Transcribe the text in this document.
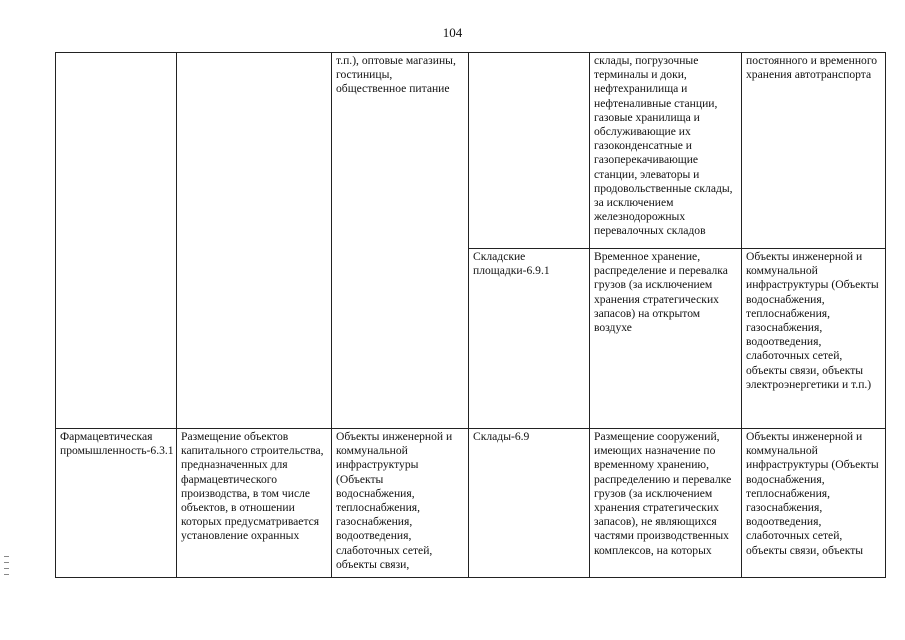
104
		т.п.), оптовые магазины, гостиницы, общественное питание		склады, погрузочные терминалы и доки, нефтехранилища и нефтеналивные станции, газовые хранилища и обслуживающие их газоконденсатные и газоперекачивающие станции, элеваторы и продовольственные склады, за исключением железнодорожных перевалочных складов	постоянного и временного хранения автотранспорта
			Складские площадки-6.9.1	Временное хранение, распределение и перевалка грузов (за исключением хранения стратегических запасов) на открытом воздухе	Объекты инженерной и коммунальной инфраструктуры (Объекты водоснабжения, теплоснабжения, газоснабжения, водоотведения, слаботочных сетей, объекты связи, объекты электроэнергетики и т.п.)
Фармацевтическая промышленность-6.3.1	Размещение объектов капитального строительства, предназначенных для фармацевтического производства, в том числе объектов, в отношении которых предусматривается установление охранных	Объекты инженерной и коммунальной инфраструктуры (Объекты водоснабжения, теплоснабжения, газоснабжения, водоотведения, слаботочных сетей, объекты связи,	Склады-6.9	Размещение сооружений, имеющих назначение по временному хранению, распределению и перевалке грузов (за исключением хранения стратегических запасов), не являющихся частями производственных комплексов, на которых	Объекты инженерной и коммунальной инфраструктуры (Объекты водоснабжения, теплоснабжения, газоснабжения, водоотведения, слаботочных сетей, объекты связи, объекты
